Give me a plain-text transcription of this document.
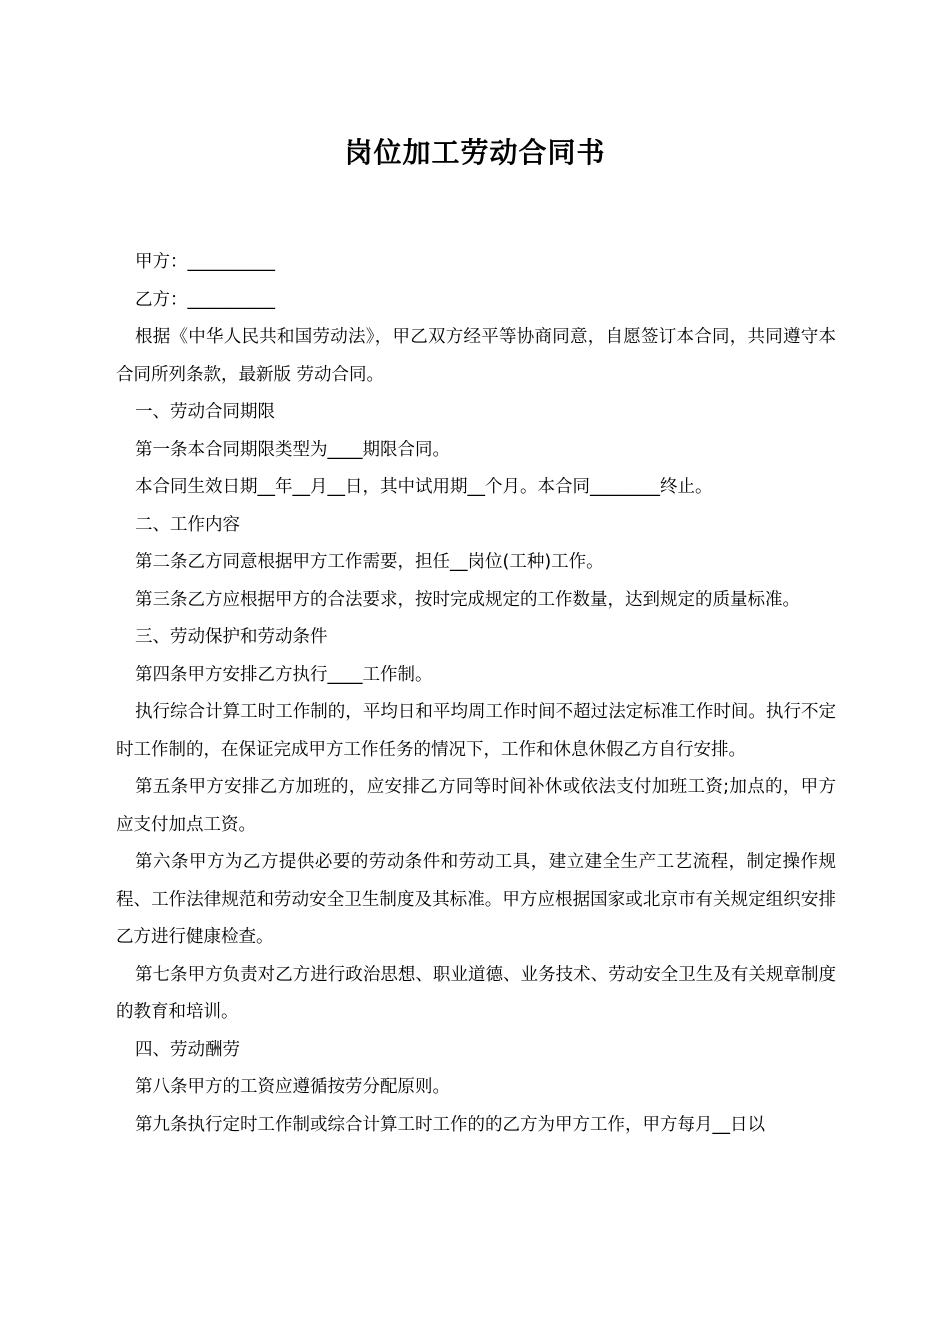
岗位加工劳动合同书

甲方：__________

乙方：__________

根据《中华人民共和国劳动法》，甲乙双方经平等协商同意，自愿签订本合同，共同遵守本合同所列条款，最新版 劳动合同。

一、劳动合同期限

第一条本合同期限类型为____期限合同。

本合同生效日期__年__月__日，其中试用期__个月。本合同________终止。

二、工作内容

第二条乙方同意根据甲方工作需要，担任__岗位(工种)工作。

第三条乙方应根据甲方的合法要求，按时完成规定的工作数量，达到规定的质量标准。

三、劳动保护和劳动条件

第四条甲方安排乙方执行____工作制。

执行综合计算工时工作制的，平均日和平均周工作时间不超过法定标准工作时间。执行不定时工作制的，在保证完成甲方工作任务的情况下，工作和休息休假乙方自行安排。

第五条甲方安排乙方加班的，应安排乙方同等时间补休或依法支付加班工资;加点的，甲方应支付加点工资。

第六条甲方为乙方提供必要的劳动条件和劳动工具，建立建全生产工艺流程，制定操作规程、工作法律规范和劳动安全卫生制度及其标准。甲方应根据国家或北京市有关规定组织安排乙方进行健康检查。

第七条甲方负责对乙方进行政治思想、职业道德、业务技术、劳动安全卫生及有关规章制度的教育和培训。

四、劳动酬劳

第八条甲方的工资应遵循按劳分配原则。

第九条执行定时工作制或综合计算工时工作的的乙方为甲方工作，甲方每月__日以
